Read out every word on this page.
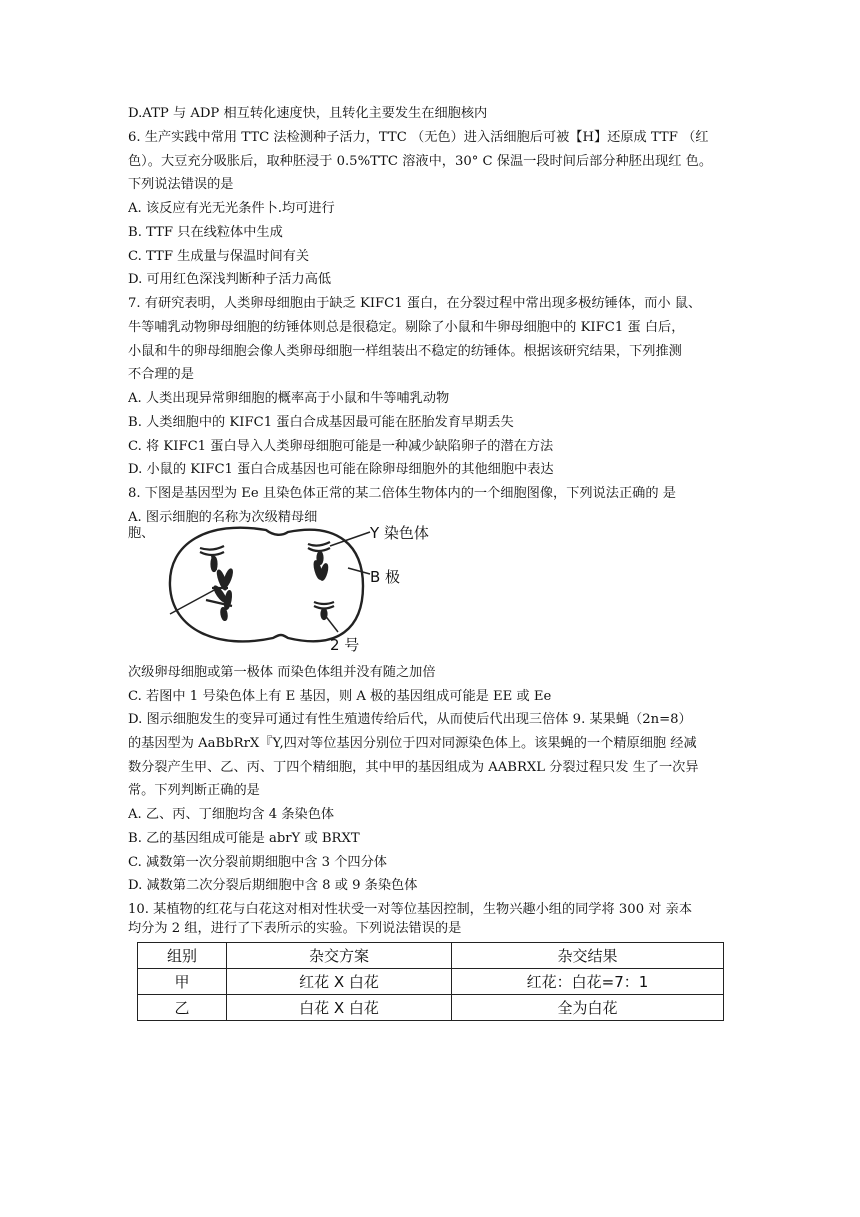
D.ATP 与 ADP 相互转化速度快，且转化主要发生在细胞核内
6. 生产实践中常用 TTC 法检测种子活力，TTC （无色）进入活细胞后可被【H】还原成 TTF （红
色）。大豆充分吸胀后，取种胚浸于 0.5%TTC 溶液中，30° C 保温一段时间后部分种胚出现红 色。
下列说法错误的是
A. 该反应有光无光条件卜.均可进行
B. TTF 只在线粒体中生成
C. TTF 生成量与保温时间有关
D. 可用红色深浅判断种子活力高低
7. 有研究表明，人类卵母细胞由于缺乏 KIFC1 蛋白，在分裂过程中常出现多极纺锤体，而小 鼠、
牛等哺乳动物卵母细胞的纺锤体则总是很稳定。剔除了小鼠和牛卵母细胞中的 KIFC1 蛋 白后，
小鼠和牛的卵母细胞会像人类卵母细胞一样组装出不稳定的纺锤体。根据该研究结果，下列推测
不合理的是
A. 人类出现异常卵细胞的概率高于小鼠和牛等哺乳动物
B. 人类细胞中的 KIFC1 蛋白合成基因最可能在胚胎发育早期丢失
C. 将 KIFC1 蛋白导入人类卵母细胞可能是一种减少缺陷卵子的潜在方法
D. 小鼠的 KIFC1 蛋白合成基因也可能在除卵母细胞外的其他细胞中表达
8. 下图是基因型为 Ee 且染色体正常的某二倍体生物体内的一个细胞图像，下列说法正确的 是
A. 图示细胞的名称为次级精母细
胞、	Y 染色体
B 极
2 号
次级卵母细胞或第一极体 而染色体组并没有随之加倍
C. 若图中 1 号染色体上有 E 基因，则 A 极的基因组成可能是 EE 或 Ee
D. 图示细胞发生的变异可通过有性生殖遗传给后代，从而使后代出现三倍体 9. 某果蝇（2n=8）
的基因型为 AaBbRrX『Y,四对等位基因分别位于四对同源染色体上。该果蝇的一个精原细胞 经减
数分裂产生甲、乙、丙、丁四个精细胞，其中甲的基因组成为 AABRXL 分裂过程只发 生了一次异
常。下列判断正确的是
A. 乙、丙、丁细胞均含 4 条染色体
B. 乙的基因组成可能是 abrY 或 BRXT
C. 减数第一次分裂前期细胞中含 3 个四分体
D. 减数第二次分裂后期细胞中含 8 或 9 条染色体
10. 某植物的红花与白花这对相对性状受一对等位基因控制，生物兴趣小组的同学将 300 对 亲本
均分为 2 组，进行了下表所示的实验。下列说法错误的是
组别	杂交方案	杂交结果
甲	红花 X 白花	红花：白花=7：1
乙	白花 X 白花	全为白花
